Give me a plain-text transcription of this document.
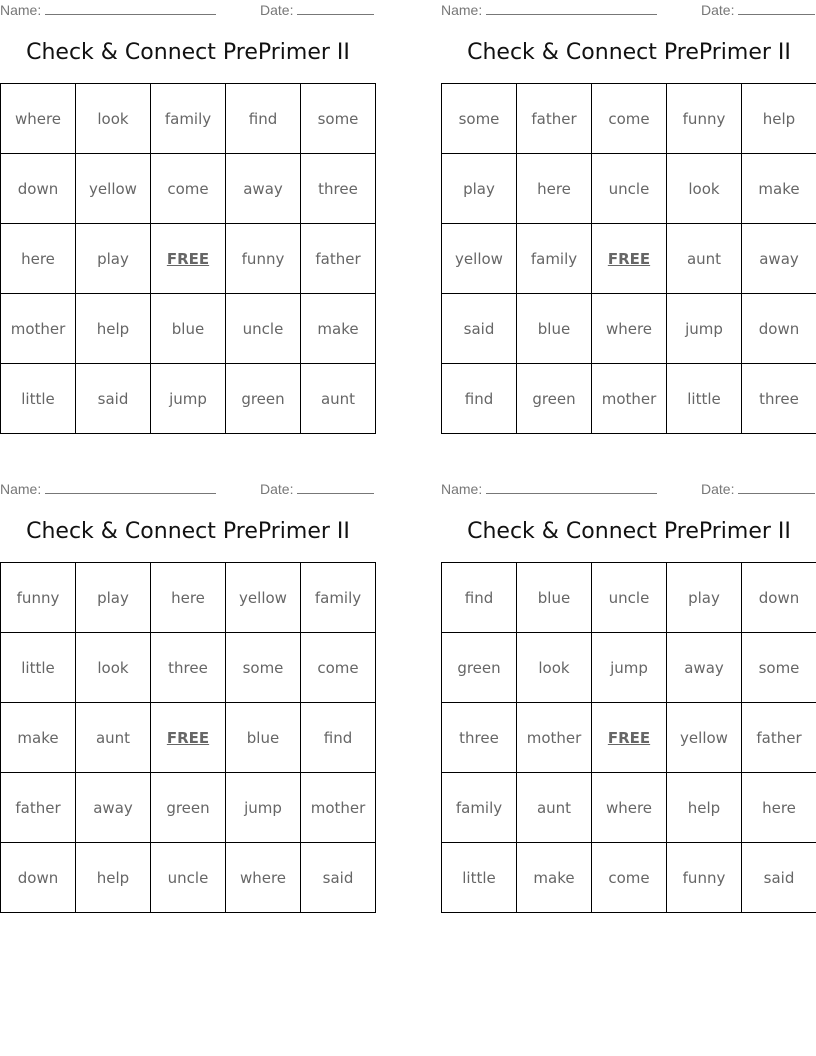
Name:	Date:
Check & Connect PrePrimer II
where	look	family	find	some
down	yellow	come	away	three
here	play	FREE	funny	father
mother	help	blue	uncle	make
little	said	jump	green	aunt
Name:	Date:
Check & Connect PrePrimer II
some	father	come	funny	help
play	here	uncle	look	make
yellow	family	FREE	aunt	away
said	blue	where	jump	down
find	green	mother	little	three
Name:	Date:
Check & Connect PrePrimer II
funny	play	here	yellow	family
little	look	three	some	come
make	aunt	FREE	blue	find
father	away	green	jump	mother
down	help	uncle	where	said
Name:	Date:
Check & Connect PrePrimer II
find	blue	uncle	play	down
green	look	jump	away	some
three	mother	FREE	yellow	father
family	aunt	where	help	here
little	make	come	funny	said
